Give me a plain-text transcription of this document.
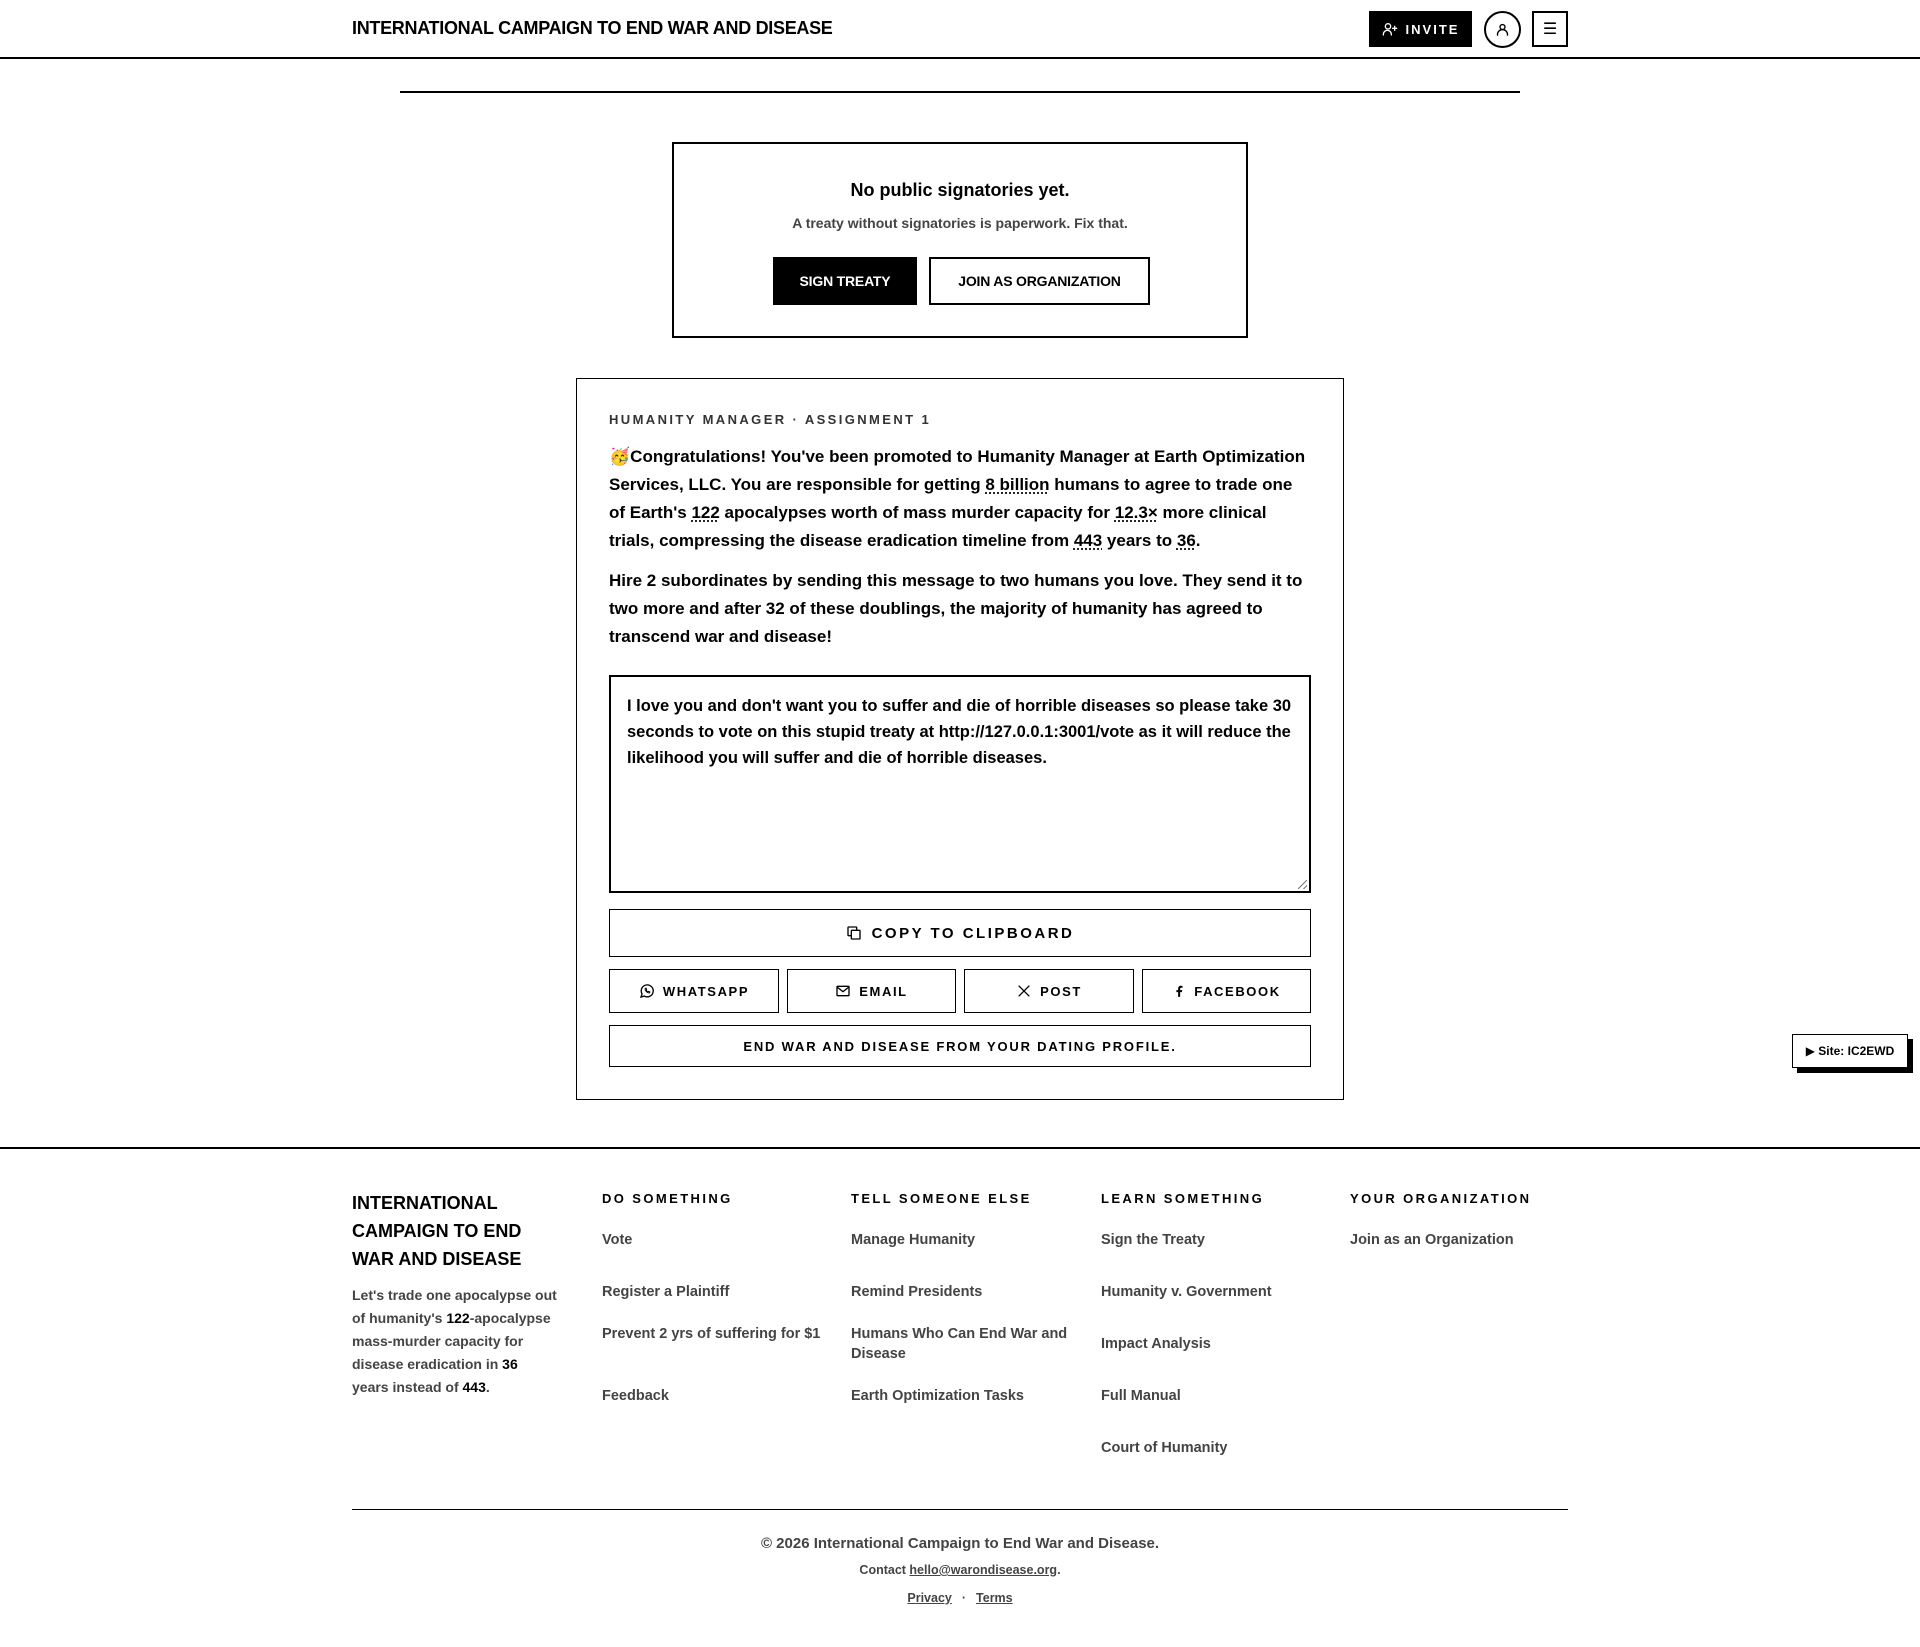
INTERNATIONAL CAMPAIGN TO END WAR AND DISEASE	INVITE	☰
No public signatories yet.
A treaty without signatories is paperwork. Fix that.
SIGN TREATY	JOIN AS ORGANIZATION
HUMANITY MANAGER · ASSIGNMENT 1

🥳Congratulations! You've been promoted to Humanity Manager at Earth Optimization Services, LLC. You are responsible for getting 8 billion humans to agree to trade one of Earth's 122 apocalypses worth of mass murder capacity for 12.3× more clinical trials, compressing the disease eradication timeline from 443 years to 36.

Hire 2 subordinates by sending this message to two humans you love. They send it to two more and after 32 of these doublings, the majority of humanity has agreed to transcend war and disease!

I love you and don't want you to suffer and die of horrible diseases so please take 30 seconds to vote on this stupid treaty at http://127.0.0.1:3001/vote as it will reduce the likelihood you will suffer and die of horrible diseases.
COPY TO CLIPBOARD
WHATSAPP	EMAIL	POST	FACEBOOK
END WAR AND DISEASE FROM YOUR DATING PROFILE.	▶ Site: IC2EWD
INTERNATIONAL CAMPAIGN TO END WAR AND DISEASE

Let's trade one apocalypse out of humanity's 122-apocalypse mass-murder capacity for disease eradication in 36 years instead of 443.

DO SOMETHING
Vote
Register a Plaintiff
Prevent 2 yrs of suffering for $1
Feedback
TELL SOMEONE ELSE
Manage Humanity
Remind Presidents
Humans Who Can End War and Disease
Earth Optimization Tasks
LEARN SOMETHING
Sign the Treaty
Humanity v. Government
Impact Analysis
Full Manual
Court of Humanity
YOUR ORGANIZATION
Join as an Organization
© 2026 International Campaign to End War and Disease.
Contact hello@warondisease.org.
Privacy · Terms
